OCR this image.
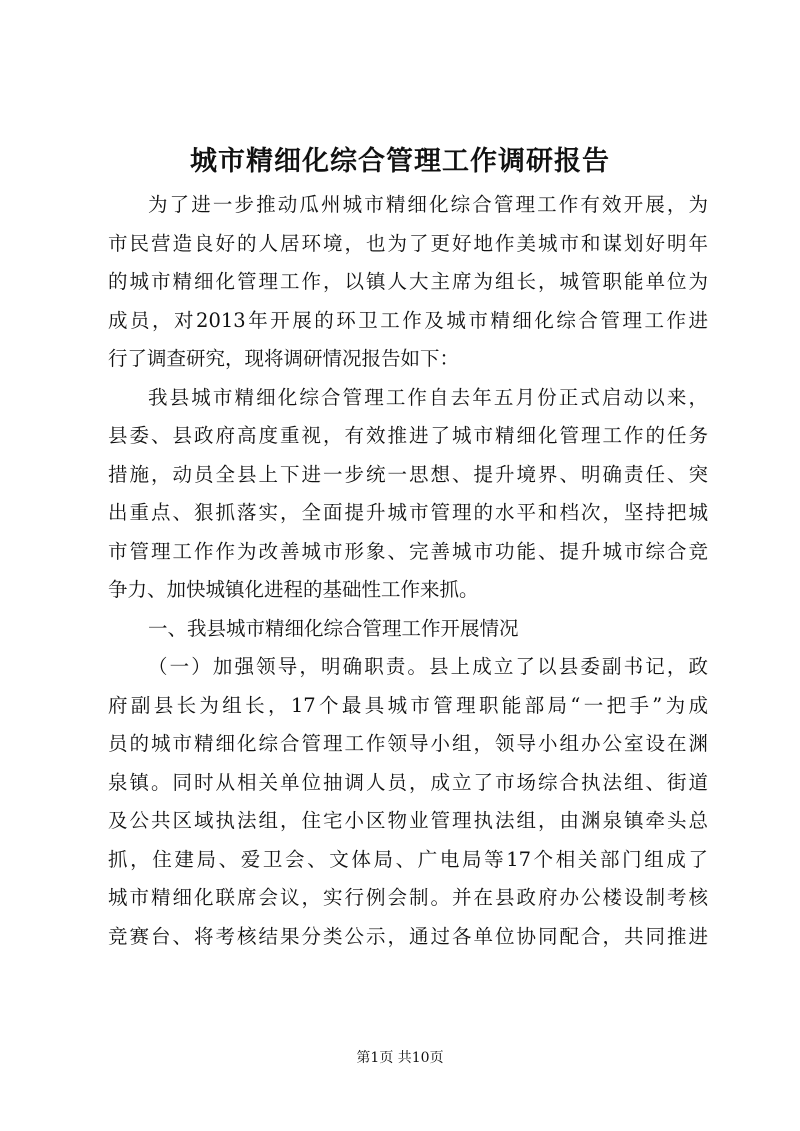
城市精细化综合管理工作调研报告
为了进一步推动瓜州城市精细化综合管理工作有效开展，为
市民营造良好的人居环境，也为了更好地作美城市和谋划好明年
的城市精细化管理工作，以镇人大主席为组长，城管职能单位为
成员，对2013年开展的环卫工作及城市精细化综合管理工作进
行了调查研究，现将调研情况报告如下：
我县城市精细化综合管理工作自去年五月份正式启动以来，
县委、县政府高度重视，有效推进了城市精细化管理工作的任务
措施，动员全县上下进一步统一思想、提升境界、明确责任、突
出重点、狠抓落实，全面提升城市管理的水平和档次，坚持把城
市管理工作作为改善城市形象、完善城市功能、提升城市综合竞
争力、加快城镇化进程的基础性工作来抓。
一、我县城市精细化综合管理工作开展情况
（一）加强领导，明确职责。县上成立了以县委副书记，政
府副县长为组长，17个最具城市管理职能部局“一把手”为成
员的城市精细化综合管理工作领导小组，领导小组办公室设在渊
泉镇。同时从相关单位抽调人员，成立了市场综合执法组、街道
及公共区域执法组，住宅小区物业管理执法组，由渊泉镇牵头总
抓，住建局、爱卫会、文体局、广电局等17个相关部门组成了
城市精细化联席会议，实行例会制。并在县政府办公楼设制考核
竞赛台、将考核结果分类公示，通过各单位协同配合，共同推进
第1页 共10页
